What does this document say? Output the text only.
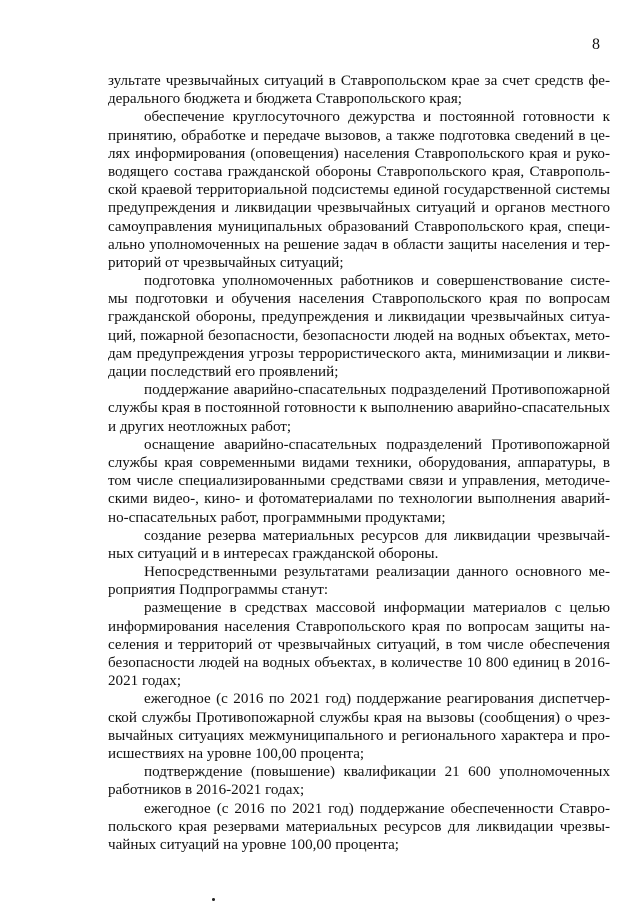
8
зультате чрезвычайных ситуаций в Ставропольском крае за счет средств фе-
дерального бюджета и бюджета Ставропольского края;
обеспечение круглосуточного дежурства и постоянной готовности к
принятию, обработке и передаче вызовов, а также подготовка сведений в це-
лях информирования (оповещения) населения Ставропольского края и руко-
водящего состава гражданской обороны Ставропольского края, Ставрополь-
ской краевой территориальной подсистемы единой государственной системы
предупреждения и ликвидации чрезвычайных ситуаций и органов местного
самоуправления муниципальных образований Ставропольского края, специ-
ально уполномоченных на решение задач в области защиты населения и тер-
риторий от чрезвычайных ситуаций;
подготовка уполномоченных работников и совершенствование систе-
мы подготовки и обучения населения Ставропольского края по вопросам
гражданской обороны, предупреждения и ликвидации чрезвычайных ситуа-
ций, пожарной безопасности, безопасности людей на водных объектах, мето-
дам предупреждения угрозы террористического акта, минимизации и ликви-
дации последствий его проявлений;
поддержание аварийно-спасательных подразделений Противопожарной
службы края в постоянной готовности к выполнению аварийно-спасательных
и других неотложных работ;
оснащение аварийно-спасательных подразделений Противопожарной
службы края современными видами техники, оборудования, аппаратуры, в
том числе специализированными средствами связи и управления, методиче-
скими видео-, кино- и фотоматериалами по технологии выполнения аварий-
но-спасательных работ, программными продуктами;
создание резерва материальных ресурсов для ликвидации чрезвычай-
ных ситуаций и в интересах гражданской обороны.
Непосредственными результатами реализации данного основного ме-
роприятия Подпрограммы станут:
размещение в средствах массовой информации материалов с целью
информирования населения Ставропольского края по вопросам защиты на-
селения и территорий от чрезвычайных ситуаций, в том числе обеспечения
безопасности людей на водных объектах, в количестве 10 800 единиц в 2016-
2021 годах;
ежегодное (с 2016 по 2021 год) поддержание реагирования диспетчер-
ской службы Противопожарной службы края на вызовы (сообщения) о чрез-
вычайных ситуациях межмуниципального и регионального характера и про-
исшествиях на уровне 100,00 процента;
подтверждение (повышение) квалификации 21 600 уполномоченных
работников в 2016-2021 годах;
ежегодное (с 2016 по 2021 год) поддержание обеспеченности Ставро-
польского края резервами материальных ресурсов для ликвидации чрезвы-
чайных ситуаций на уровне 100,00 процента;
